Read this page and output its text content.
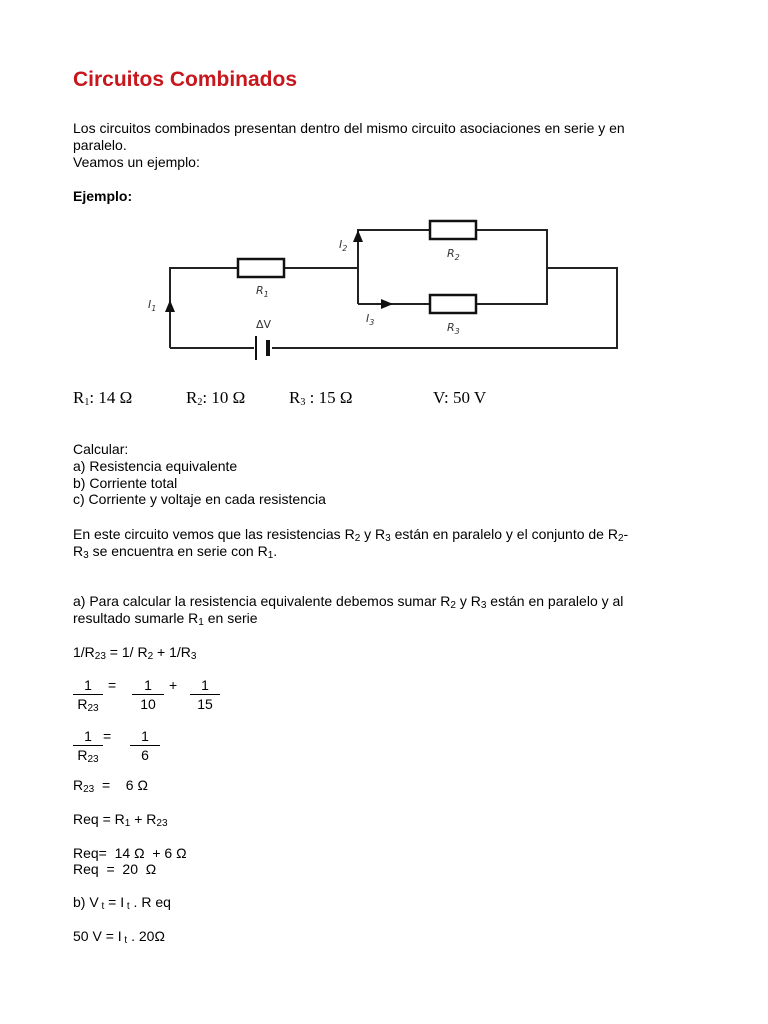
Circuitos Combinados
Los circuitos combinados presentan dentro del mismo circuito asociaciones en serie y en
paralelo.
Veamos un ejemplo:
Ejemplo:
$I_2$	$R_2$
$R_1$
$I_1$
$I_3$	$R_3$
ΔV
$R_1$: 14 Ω	$R_2$: 10 Ω	$R_3$ : 15 Ω	V: 50 V
Calcular:
a) Resistencia equivalente
b) Corriente total
c) Corriente y voltaje en cada resistencia
En este circuito vemos que las resistencias $R_2$ y $R_3$ están en paralelo y el conjunto de $R_2-$
$R_3$ se encuentra en serie con $R_1$.
a) Para calcular la resistencia equivalente debemos sumar $R_2$ y $R_3$ están en paralelo y al
resultado sumarle $R_1$ en serie
$1/R_{23} = 1/$ $R_2 + 1/R_3$
$\frac{1}{R_{23}} = \frac{1}{10} + \frac{1}{15}$
$\frac{1}{R_{23}} = \frac{1}{6}$
$R_{23}$  =    6 Ω
Req = $R_1 + R_{23}$
Req=  14 Ω  + 6 Ω
Req  =  20  Ω
b) V $_t$ = I $_t$ . R eq
50 V = I $_t$ . 20Ω
